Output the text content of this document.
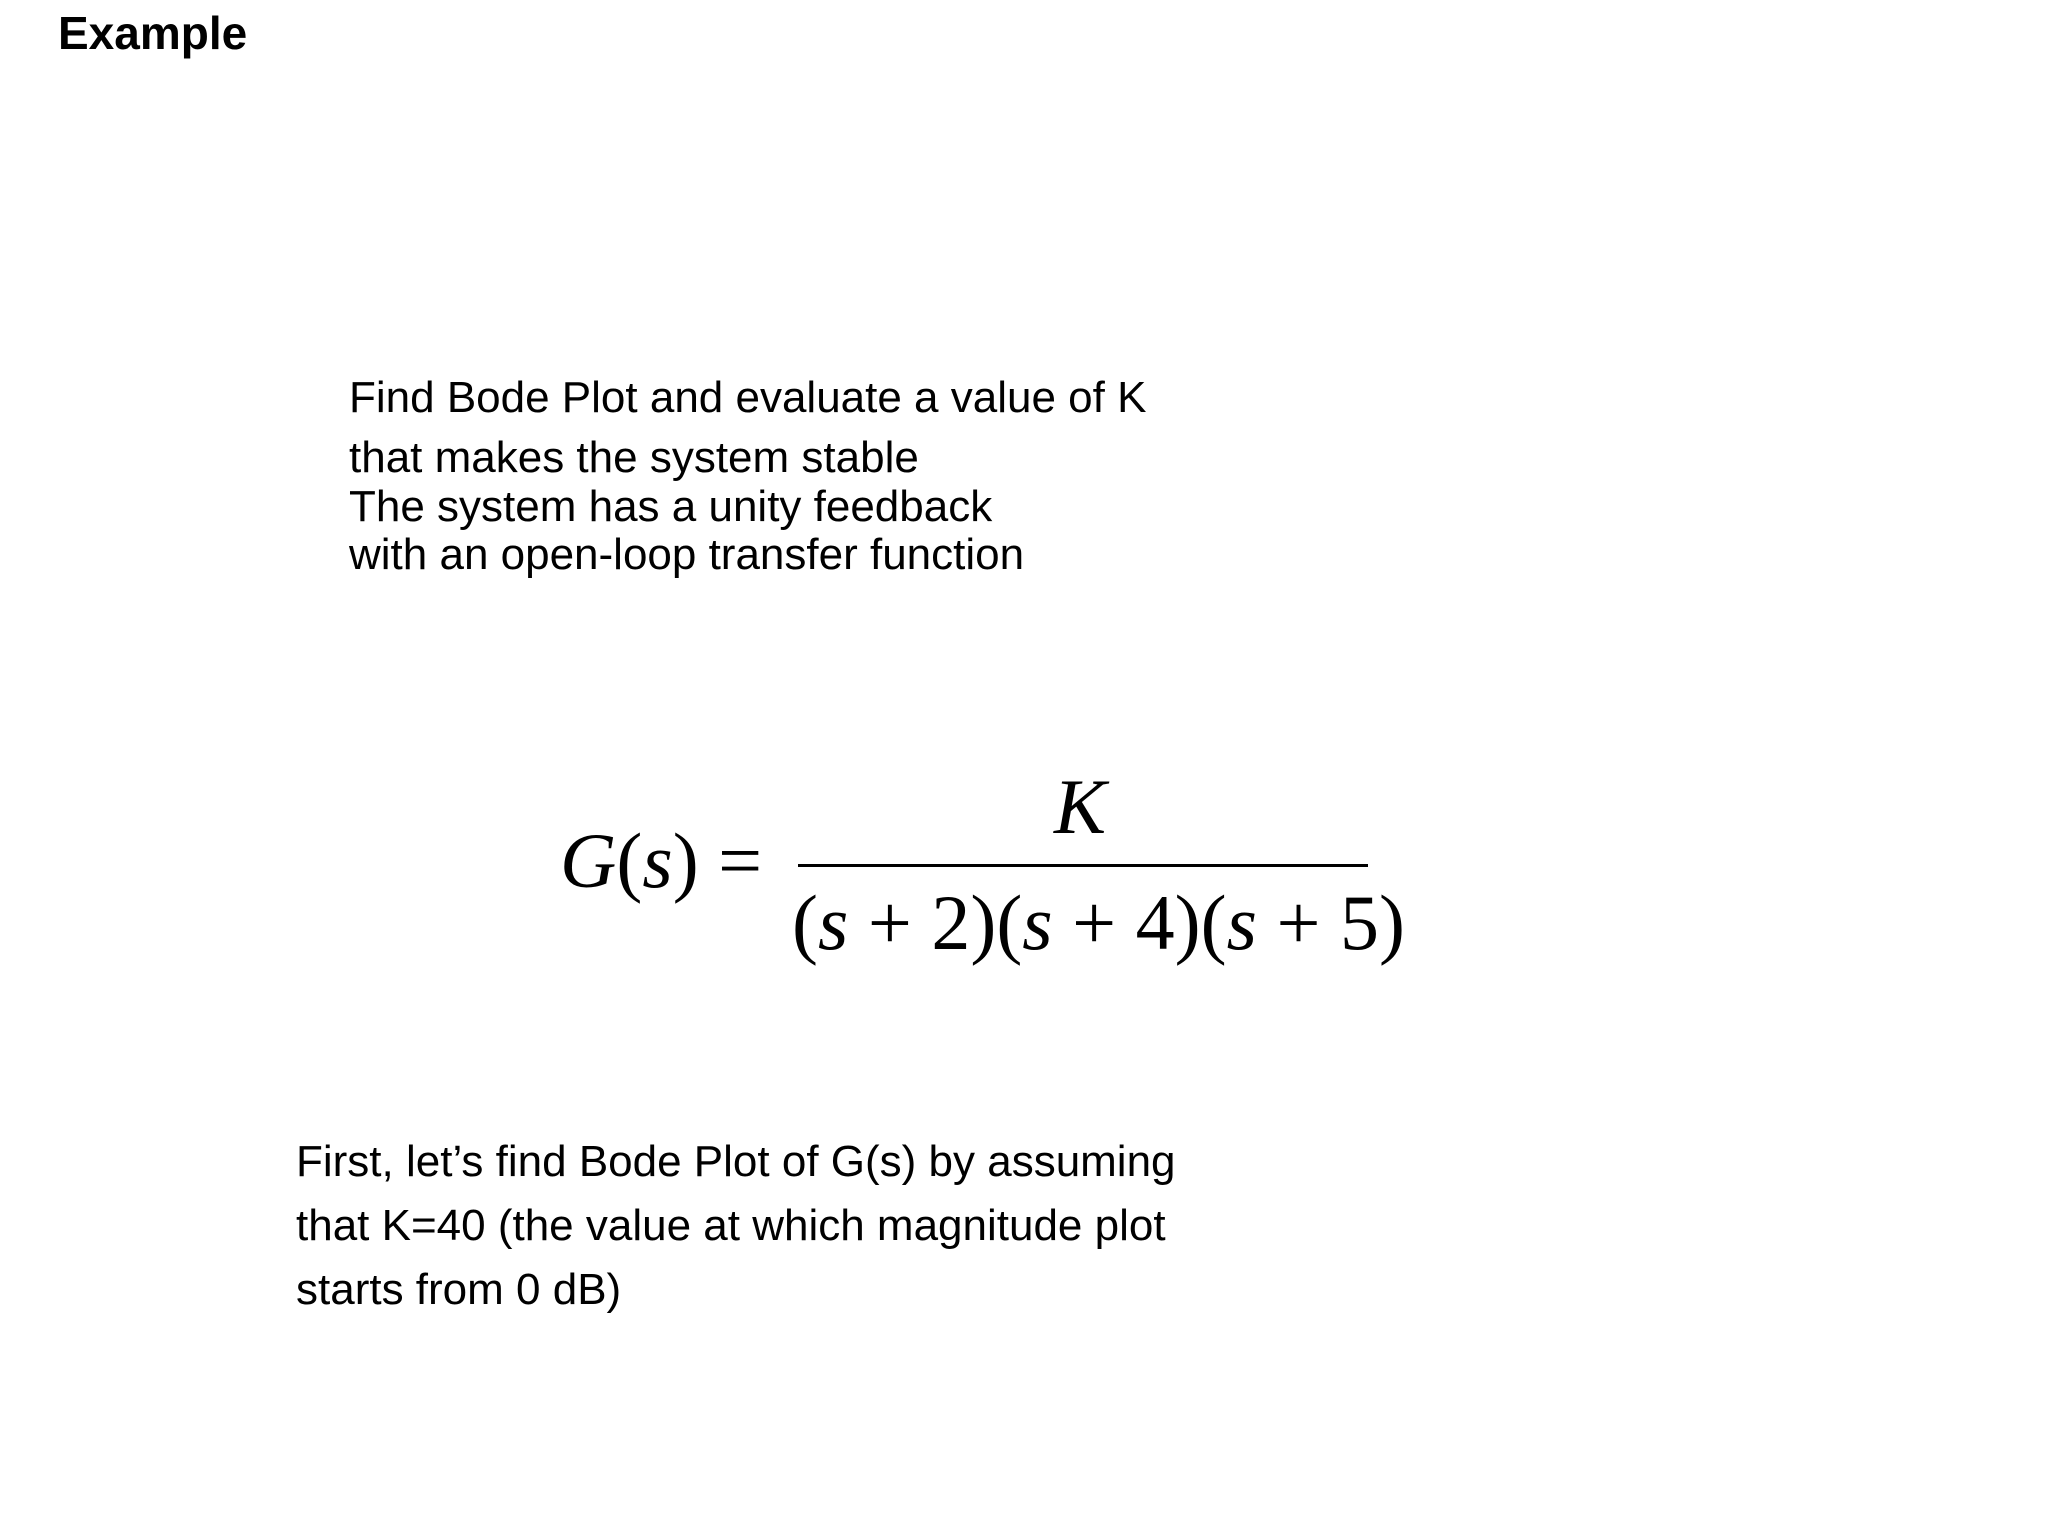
Example
Find Bode Plot and evaluate a value of K
that makes the system stable
The system has a unity feedback
with an open-loop transfer function
G(s) =
K
(s + 2)(s + 4)(s + 5)
First, let’s find Bode Plot of G(s) by assuming
that K=40 (the value at which magnitude plot
starts from 0 dB)
